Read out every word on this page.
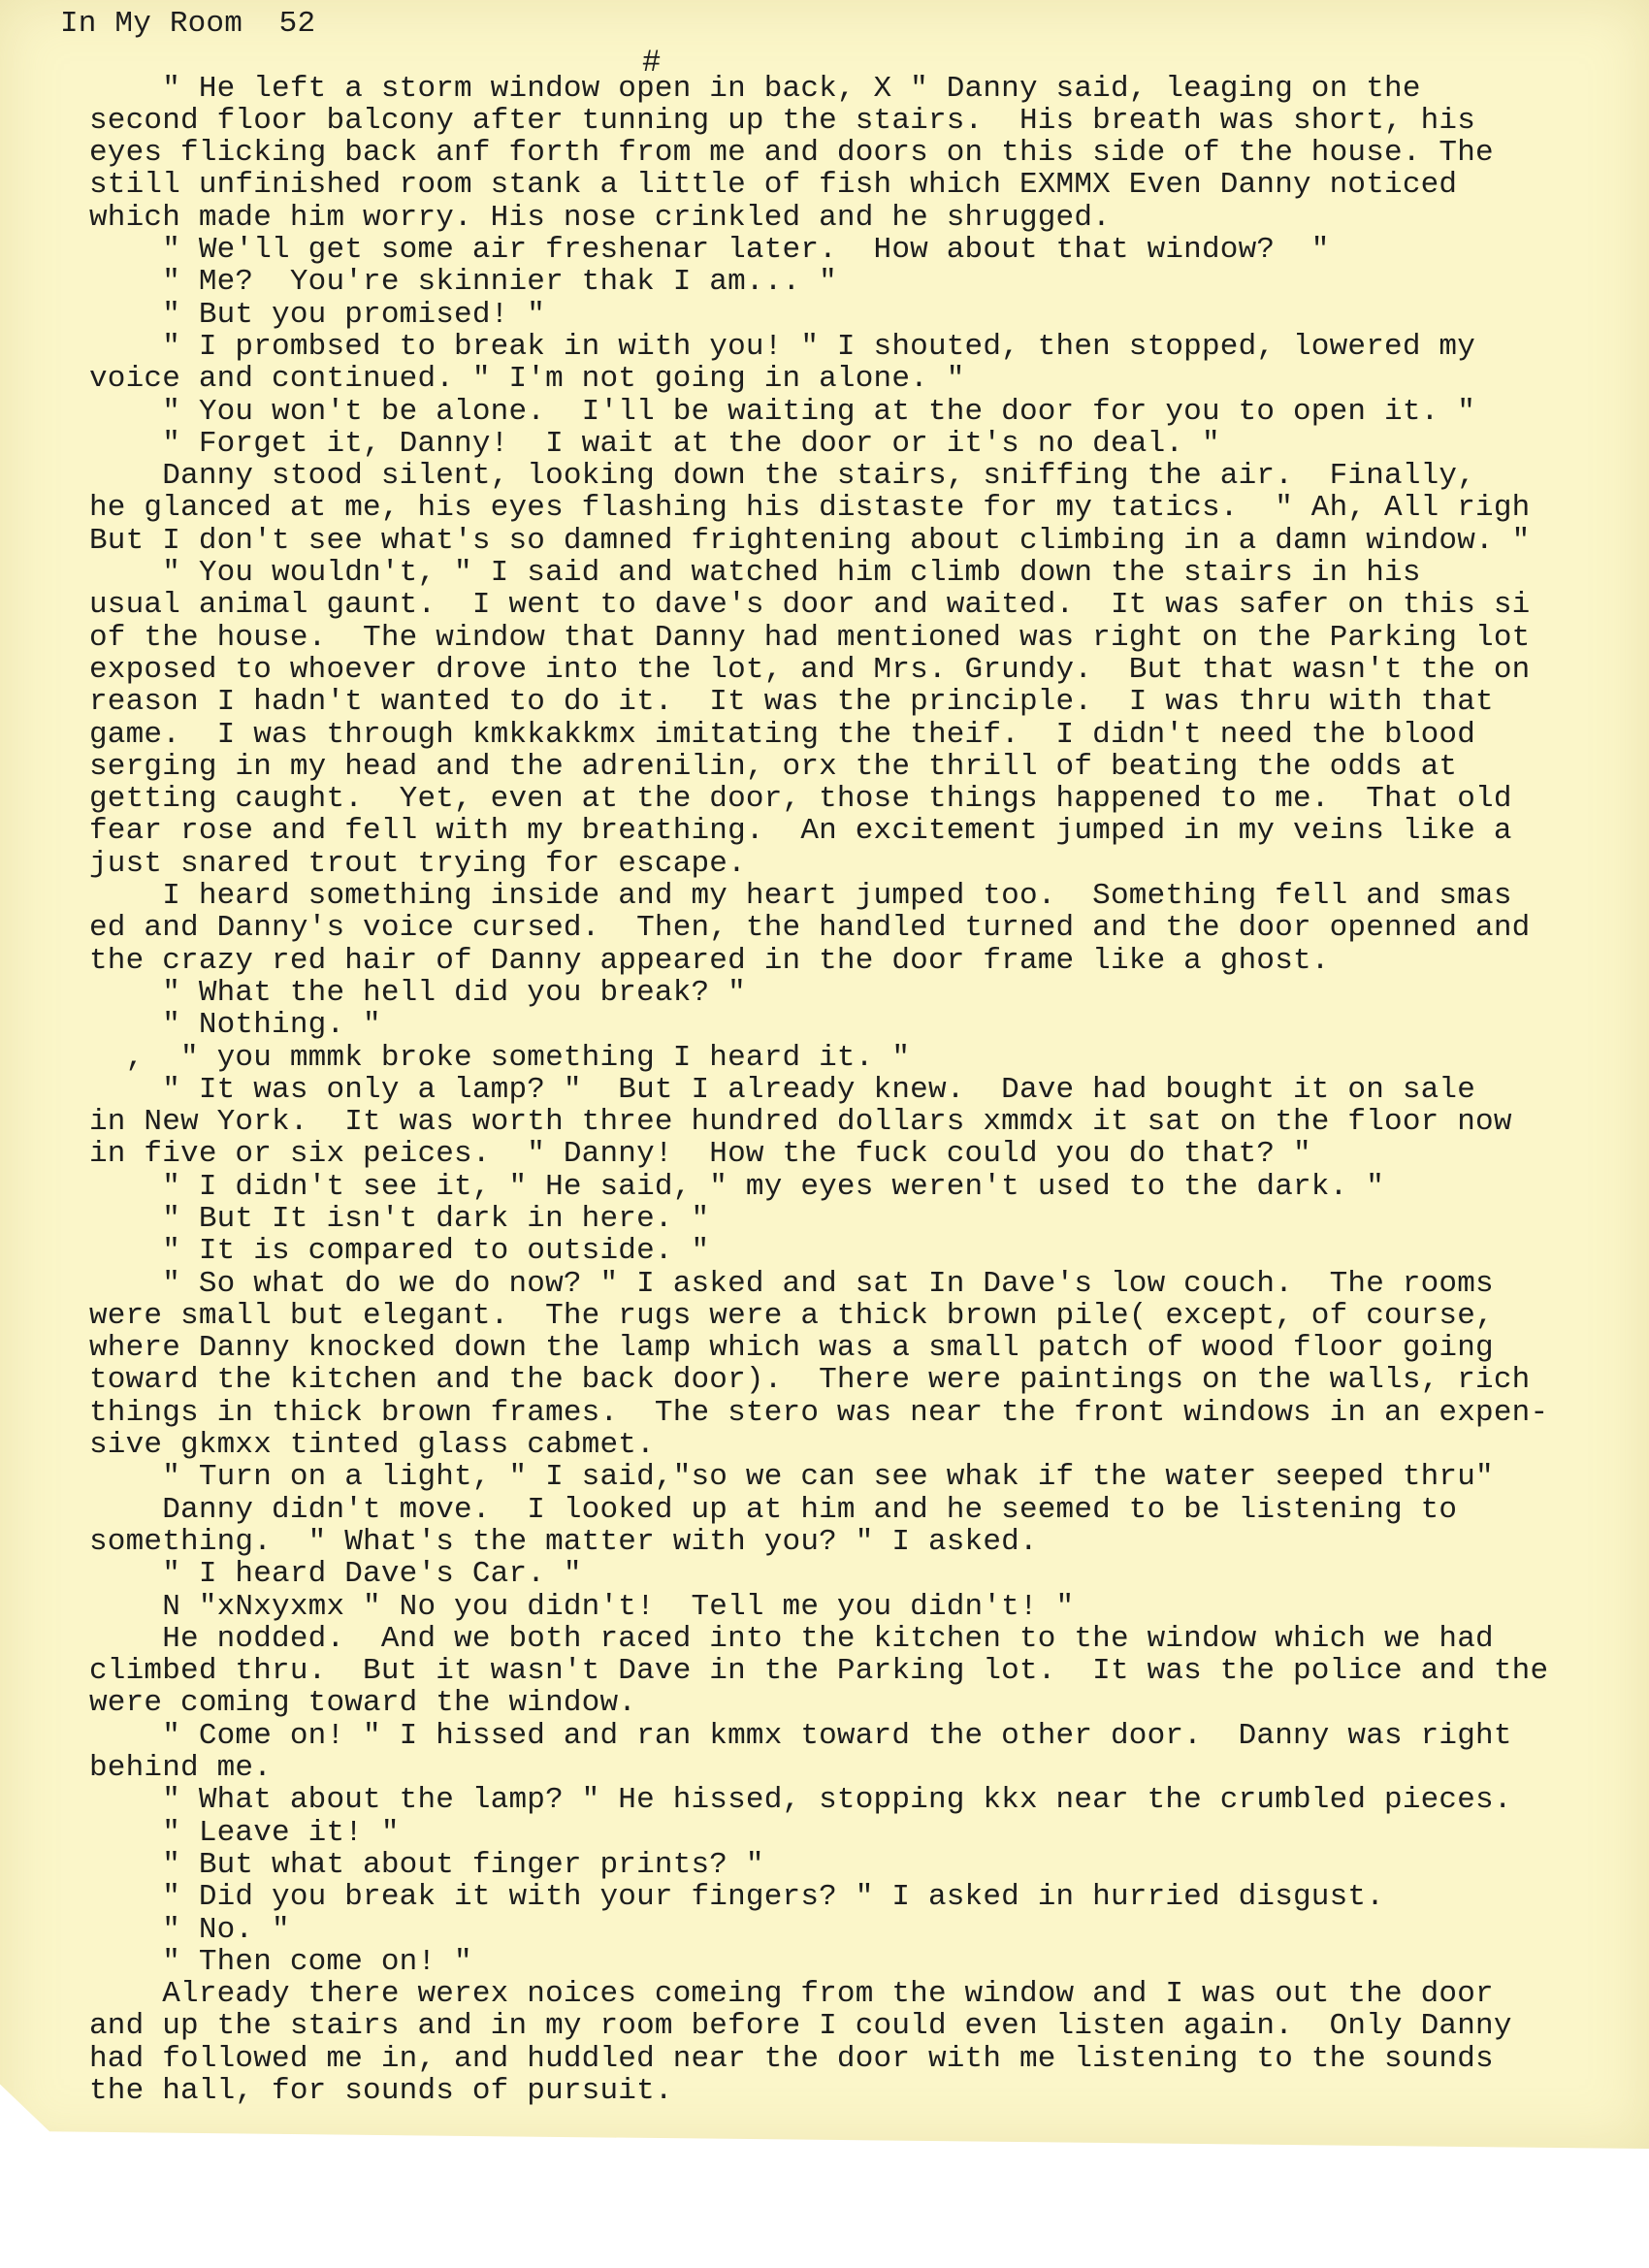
#
In My Room  52
" He left a storm window open in back, X " Danny said, leaging on the
second floor balcony after tunning up the stairs.  His breath was short, his
eyes flicking back anf forth from me and doors on this side of the house. The
still unfinished room stank a little of fish which EXMMX Even Danny noticed
which made him worry. His nose crinkled and he shrugged.
" We'll get some air freshenar later.  How about that window?  "
" Me?  You're skinnier thak I am... "
" But you promised! "
" I prombsed to break in with you! " I shouted, then stopped, lowered my
voice and continued. " I'm not going in alone. "
" You won't be alone.  I'll be waiting at the door for you to open it. "
" Forget it, Danny!  I wait at the door or it's no deal. "
Danny stood silent, looking down the stairs, sniffing the air.  Finally,
he glanced at me, his eyes flashing his distaste for my tatics.  " Ah, All righ
But I don't see what's so damned frightening about climbing in a damn window. "
" You wouldn't, " I said and watched him climb down the stairs in his
usual animal gaunt.  I went to dave's door and waited.  It was safer on this si
of the house.  The window that Danny had mentioned was right on the Parking lot
exposed to whoever drove into the lot, and Mrs. Grundy.  But that wasn't the on
reason I hadn't wanted to do it.  It was the principle.  I was thru with that
game.  I was through kmkkakkmx imitating the theif.  I didn't need the blood
serging in my head and the adrenilin, orx the thrill of beating the odds at
getting caught.  Yet, even at the door, those things happened to me.  That old
fear rose and fell with my breathing.  An excitement jumped in my veins like a
just snared trout trying for escape.
I heard something inside and my heart jumped too.  Something fell and smas
ed and Danny's voice cursed.  Then, the handled turned and the door openned and
the crazy red hair of Danny appeared in the door frame like a ghost.
" What the hell did you break? "
" Nothing. "
,  " you mmmk broke something I heard it. "
" It was only a lamp? "  But I already knew.  Dave had bought it on sale
in New York.  It was worth three hundred dollars xmmdx it sat on the floor now
in five or six peices.  " Danny!  How the fuck could you do that? "
" I didn't see it, " He said, " my eyes weren't used to the dark. "
" But It isn't dark in here. "
" It is compared to outside. "
" So what do we do now? " I asked and sat In Dave's low couch.  The rooms
were small but elegant.  The rugs were a thick brown pile( except, of course,
where Danny knocked down the lamp which was a small patch of wood floor going
toward the kitchen and the back door).  There were paintings on the walls, rich
things in thick brown frames.  The stero was near the front windows in an expen-
sive gkmxx tinted glass cabmet.
" Turn on a light, " I said,"so we can see whak if the water seeped thru"
Danny didn't move.  I looked up at him and he seemed to be listening to
something.  " What's the matter with you? " I asked.
" I heard Dave's Car. "
N "xNxyxmx " No you didn't!  Tell me you didn't! "
He nodded.  And we both raced into the kitchen to the window which we had
climbed thru.  But it wasn't Dave in the Parking lot.  It was the police and the
were coming toward the window.
" Come on! " I hissed and ran kmmx toward the other door.  Danny was right
behind me.
" What about the lamp? " He hissed, stopping kkx near the crumbled pieces.
" Leave it! "
" But what about finger prints? "
" Did you break it with your fingers? " I asked in hurried disgust.
" No. "
" Then come on! "
Already there werex noices comeing from the window and I was out the door
and up the stairs and in my room before I could even listen again.  Only Danny
had followed me in, and huddled near the door with me listening to the sounds
the hall, for sounds of pursuit.
